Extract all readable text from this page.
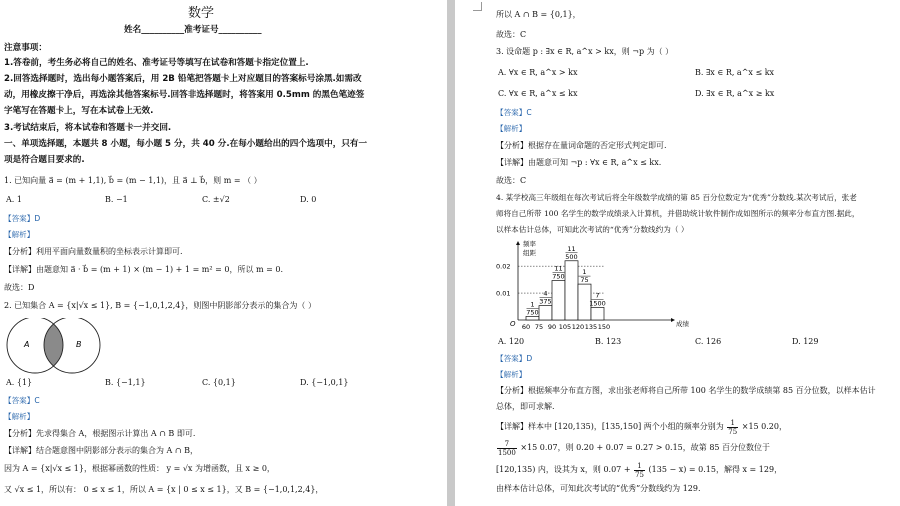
数学
姓名__________准考证号__________
注意事项：
1.答卷前，考生务必将自己的姓名、准考证号等填写在试卷和答题卡指定位置上.
2.回答选择题时，选出每小题答案后，用 2B 铅笔把答题卡上对应题目的答案标号涂黑.如需改
动，用橡皮擦干净后，再选涂其他答案标号.回答非选择题时，将答案用 0.5mm 的黑色笔迹签
字笔写在答题卡上，写在本试卷上无效.
3.考试结束后，将本试卷和答题卡一并交回.
一、单项选择题，本题共 8 小题，每小题 5 分，共 40 分.在每小题给出的四个选项中，只有一
项是符合题目要求的.
1. 已知向量 a⃗ = (m + 1,1), b⃗ = (m − 1,1)，且 a⃗ ⊥ b⃗，则 m = （ ）
A. 1	B. −1	C. ±√2	D. 0
【答案】D
【解析】
【分析】利用平面向量数量积的坐标表示计算即可.
【详解】由题意知 a⃗ · b⃗ = (m + 1) × (m − 1) + 1 = m² = 0，所以 m = 0.
故选：D
2. 已知集合 A = {x|√x ≤ 1}, B = {−1,0,1,2,4}，则图中阴影部分表示的集合为（ ）
A	B
A. {1}	B. {−1,1}	C. {0,1}	D. {−1,0,1}
【答案】C
【解析】
【分析】先求得集合 A，根据图示计算出 A ∩ B 即可.
【详解】结合题意图中阴影部分表示的集合为 A ∩ B，
因为 A = {x|√x ≤ 1}，根据幂函数的性质： y = √x 为增函数，且 x ≥ 0，
又 √x ≤ 1，所以有： 0 ≤ x ≤ 1，所以 A = {x | 0 ≤ x ≤ 1}，又 B = {−1,0,1,2,4}，
所以 A ∩ B = {0,1}，
故选：C
3. 设命题 p : ∃x ∈ R, a^x > kx，则 ¬p 为（ ）
A. ∀x ∈ R, a^x > kx	B. ∃x ∈ R, a^x ≤ kx
C. ∀x ∈ R, a^x ≤ kx	D. ∃x ∈ R, a^x ≥ kx
【答案】C
【解析】
【分析】根据存在量词命题的否定形式判定即可.
【详解】由题意可知 ¬p : ∀x ∈ R, a^x ≤ kx.
故选：C
4. 某学校高三年级组在每次考试后将全年级数学成绩的第 85 百分位数定为“优秀”分数线.某次考试后，张老
师将自己所带 100 名学生的数学成绩录入计算机，并借助统计软件制作成如图所示的频率分布直方图.据此，
以样本估计总体，可知此次考试的“优秀”分数线约为（ ）
频率
组距
成绩
O
0.01
0.02
60 75 90 105 120 135 150
1
750
4
375
11
750
11
500
1
75
7
1500
A. 120	B. 123	C. 126	D. 129
【答案】D
【解析】
【分析】根据频率分布直方图，求出张老师将自己所带 100 名学生的数学成绩第 85 百分位数，以样本估计
总体，即可求解.
【详解】样本中 [120,135)，[135,150] 两个小组的频率分别为 $\frac{1}{75} \times 15$ 0.20，
$\frac{7}{1500} \times 15$ 0.07，则 0.20 + 0.07 = 0.27 > 0.15，故第 85 百分位数位于
[120,135) 内，设其为 x，则 $0.07 + \frac{1}{75} (135 - x) = 0.15$，解得 x = 129，
由样本估计总体，可知此次考试的“优秀”分数线约为 129.
